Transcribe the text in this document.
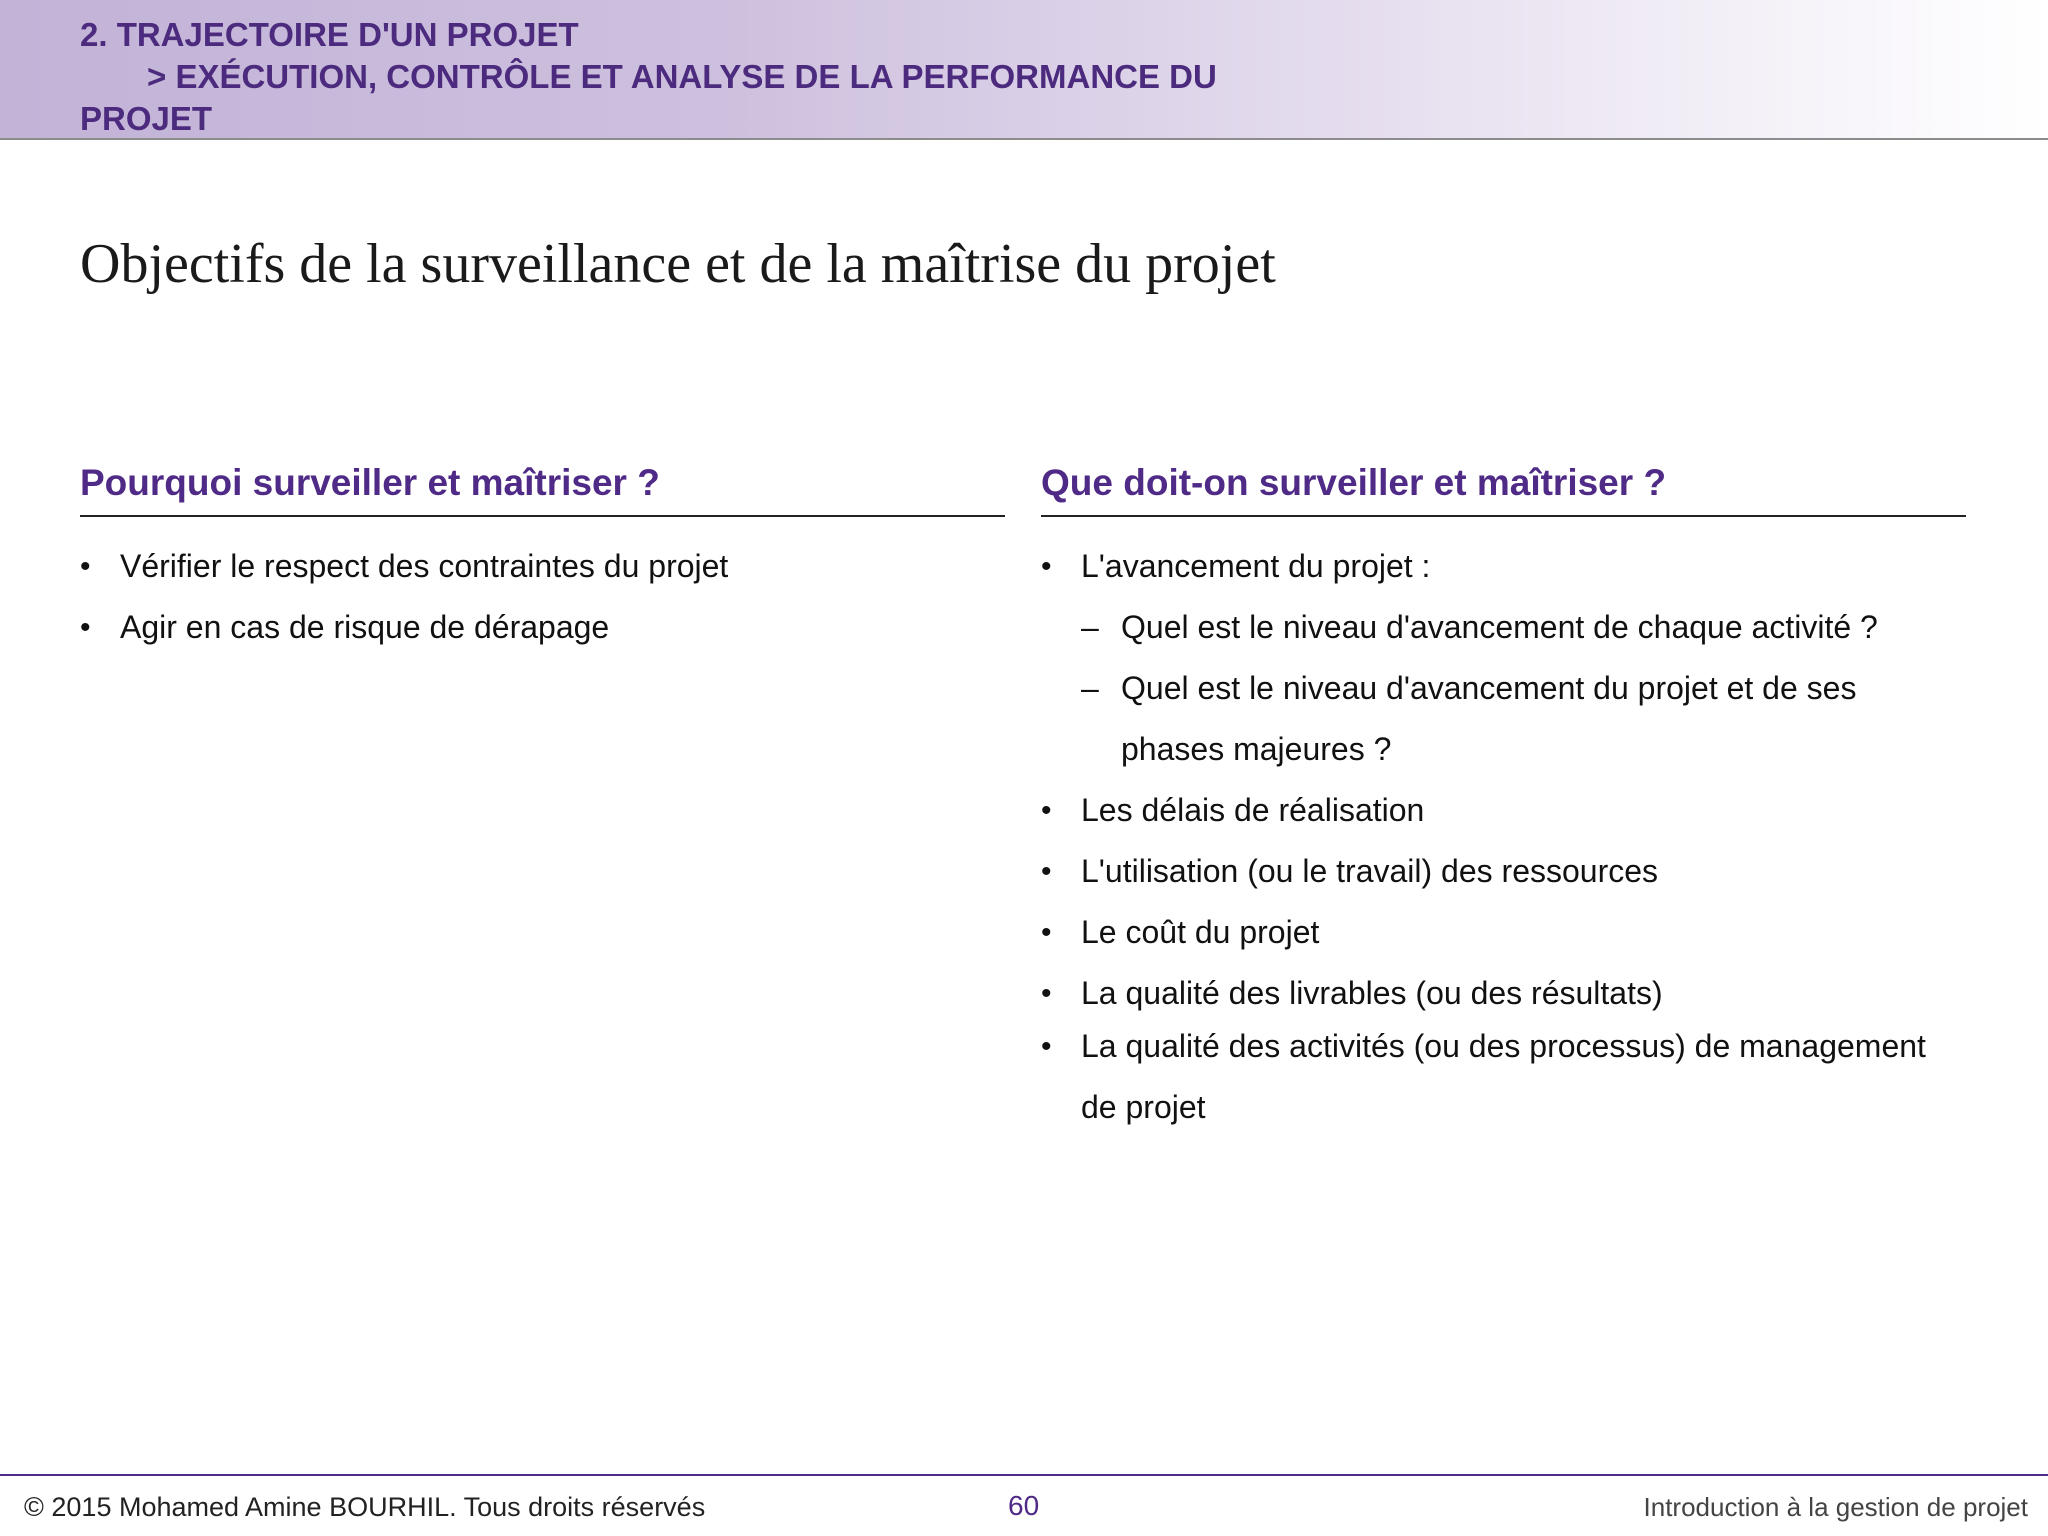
2. TRAJECTOIRE D'UN PROJET
> EXÉCUTION, CONTRÔLE ET ANALYSE DE LA PERFORMANCE DU
PROJET
Objectifs de la surveillance et de la maîtrise du projet
Pourquoi surveiller et maîtriser ?	Que doit-on surveiller et maîtriser ?
• Vérifier le respect des contraintes du projet
• Agir en cas de risque de dérapage
• L'avancement du projet :
– Quel est le niveau d'avancement de chaque activité ?
– Quel est le niveau d'avancement du projet et de ses phases majeures ?
• Les délais de réalisation
• L'utilisation (ou le travail) des ressources
• Le coût du projet
• La qualité des livrables (ou des résultats)
• La qualité des activités (ou des processus) de management de projet
© 2015 Mohamed Amine BOURHIL. Tous droits réservés	60	Introduction à la gestion de projet
